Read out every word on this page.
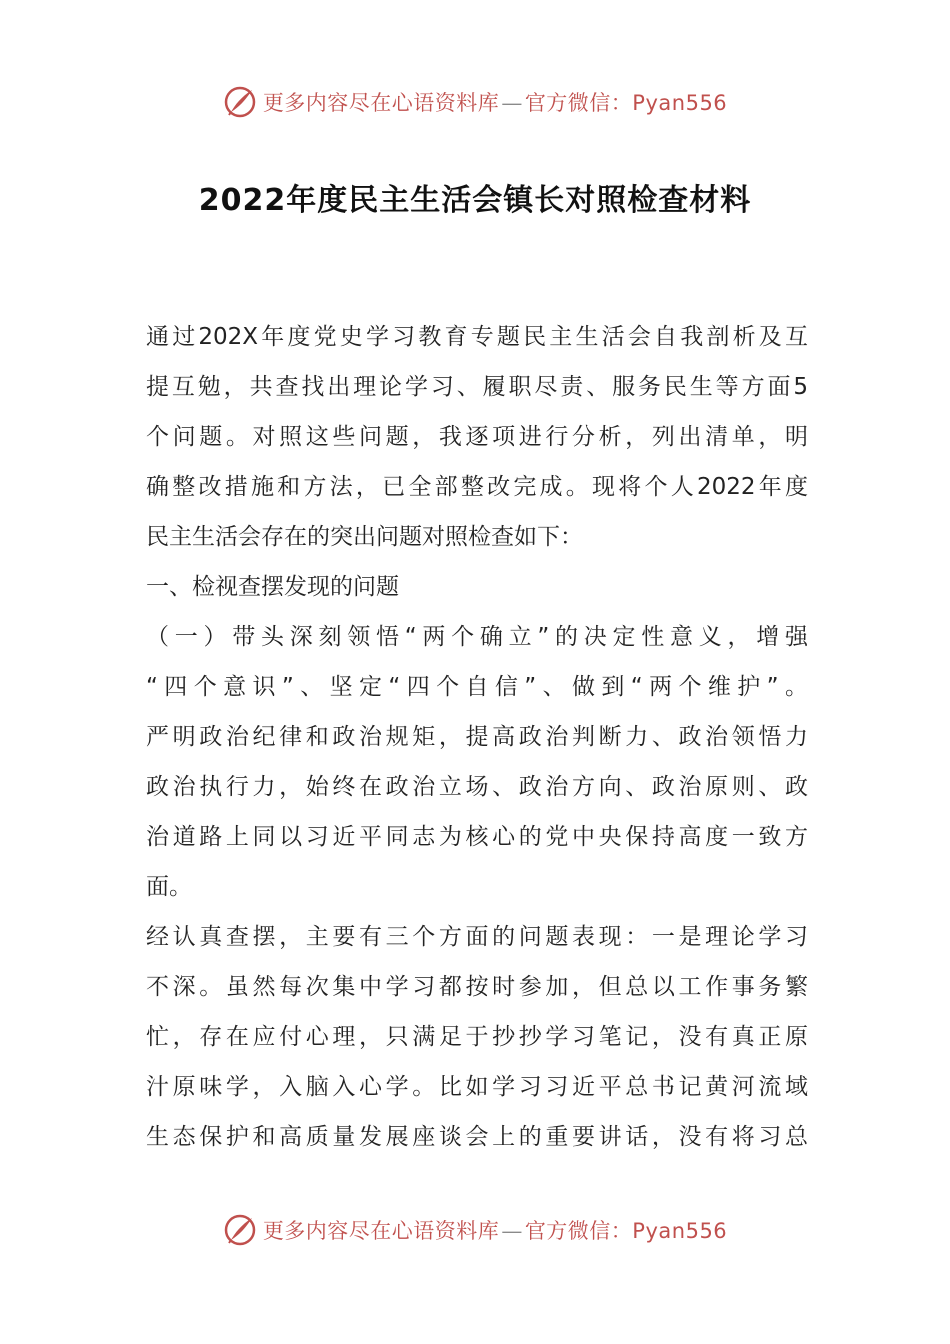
更多内容尽在心语资料库—官方微信：Pyan556
2022年度民主生活会镇长对照检查材料
通过202X年度党史学习教育专题民主生活会自我剖析及互
提互勉，共查找出理论学习、履职尽责、服务民生等方面5
个问题。对照这些问题，我逐项进行分析，列出清单，明
确整改措施和方法，已全部整改完成。现将个人2022年度
民主生活会存在的突出问题对照检查如下：
一、检视查摆发现的问题
（一）带头深刻领悟“两个确立”的决定性意义，增强
“四个意识”、坚定“四个自信”、做到“两个维护”。
严明政治纪律和政治规矩，提高政治判断力、政治领悟力
政治执行力，始终在政治立场、政治方向、政治原则、政
治道路上同以习近平同志为核心的党中央保持高度一致方
面。
经认真查摆，主要有三个方面的问题表现：一是理论学习
不深。虽然每次集中学习都按时参加，但总以工作事务繁
忙，存在应付心理，只满足于抄抄学习笔记，没有真正原
汁原味学，入脑入心学。比如学习习近平总书记黄河流域
生态保护和高质量发展座谈会上的重要讲话，没有将习总
更多内容尽在心语资料库—官方微信：Pyan556
